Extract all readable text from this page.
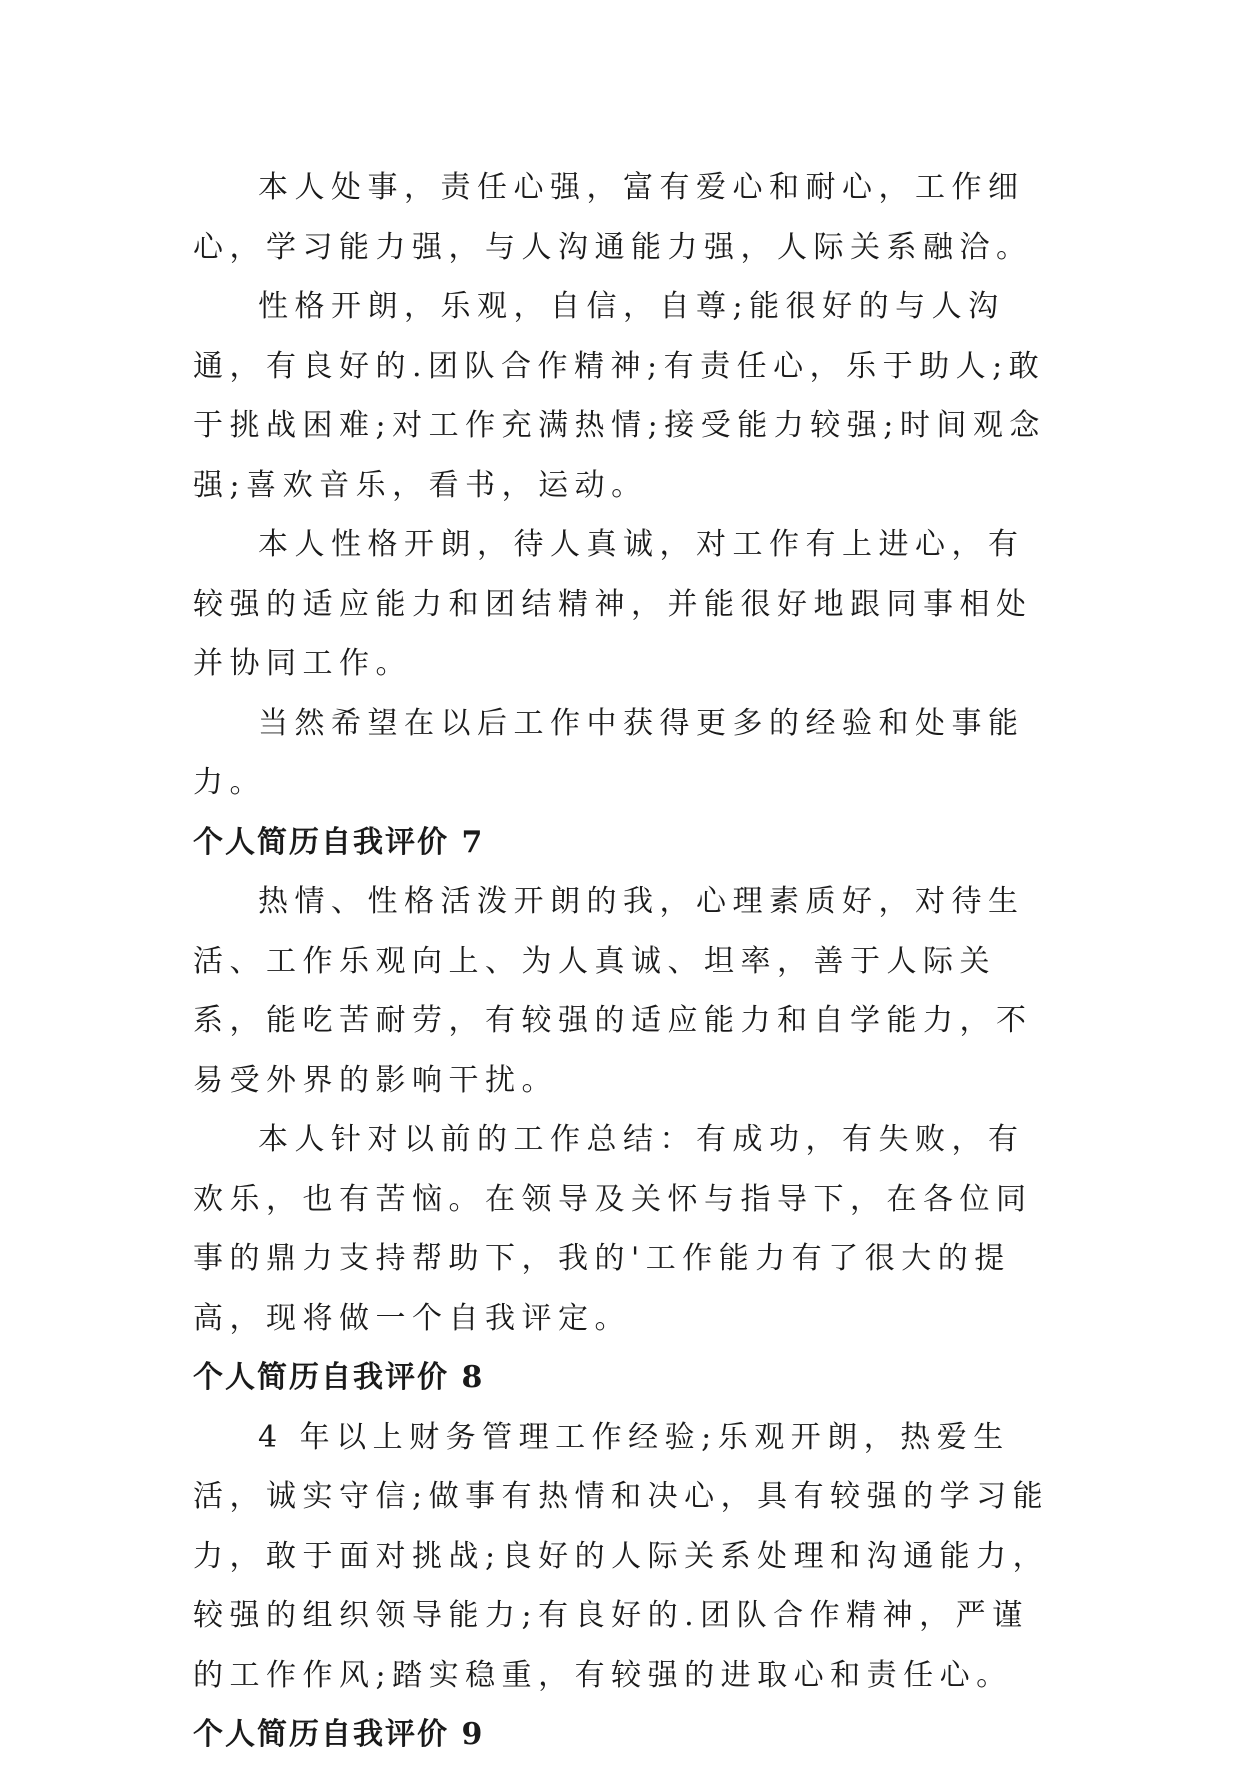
本人处事，责任心强，富有爱心和耐心，工作细心，学习能力强，与人沟通能力强，人际关系融洽。

性格开朗，乐观，自信，自尊;能很好的与人沟通，有良好的.团队合作精神;有责任心，乐于助人;敢于挑战困难;对工作充满热情;接受能力较强;时间观念强;喜欢音乐，看书，运动。

本人性格开朗，待人真诚，对工作有上进心，有较强的适应能力和团结精神，并能很好地跟同事相处并协同工作。

当然希望在以后工作中获得更多的经验和处事能力。

个人简历自我评价 7

热情、性格活泼开朗的我，心理素质好，对待生活、工作乐观向上、为人真诚、坦率，善于人际关系，能吃苦耐劳，有较强的适应能力和自学能力，不易受外界的影响干扰。

本人针对以前的工作总结：有成功，有失败，有欢乐，也有苦恼。在领导及关怀与指导下，在各位同事的鼎力支持帮助下，我的'工作能力有了很大的提高，现将做一个自我评定。

个人简历自我评价 8

4 年以上财务管理工作经验;乐观开朗，热爱生活，诚实守信;做事有热情和决心，具有较强的学习能力，敢于面对挑战;良好的人际关系处理和沟通能力，较强的组织领导能力;有良好的.团队合作精神，严谨的工作作风;踏实稳重，有较强的进取心和责任心。

个人简历自我评价 9
